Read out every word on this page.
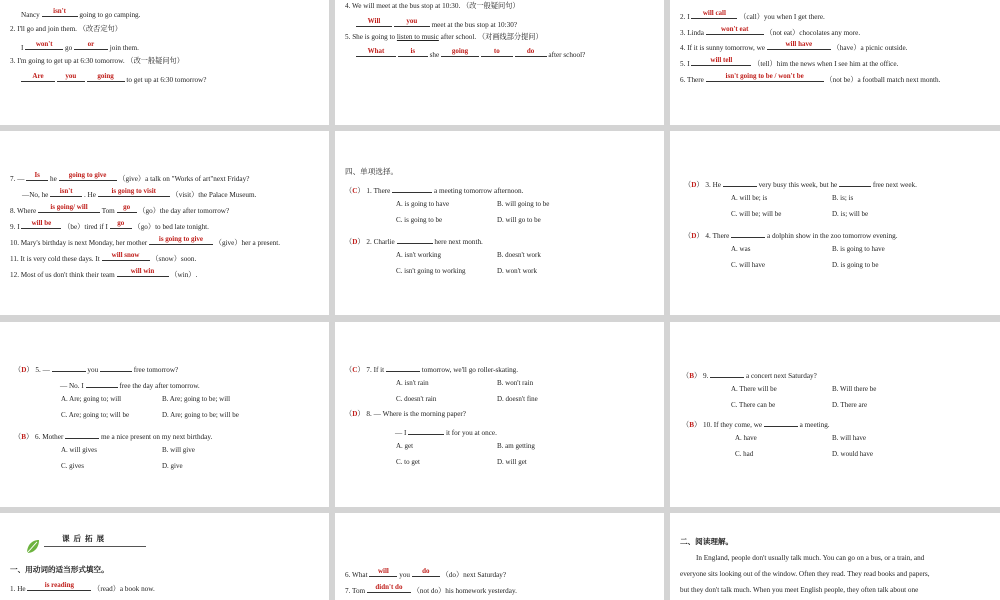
Nancy
isn't
going to go camping.
2. I'll go and join them. （改否定句）
I
won't
go
or
join them.
3. I'm going to get up at 6:30 tomorrow. （改一般疑问句）
Are
	you
	going
to get up at 6:30 tomorrow?
4. We will meet at the bus stop at 10:30. （改一般疑问句）
Will
	you
meet at the bus stop at 10:30?
5. She is going to listen to music after school. （对画线部分提问）
What
	is
she
going
	to
	do
after school?
2. I
will call
（call）you when I get there.
3. Linda
won't eat
（not eat）chocolates any more.
4. If it is sunny tomorrow, we
will have
（have）a picnic outside.
5. I
will tell
（tell）him the news when I see him at the office.
6. There
isn't going to be / won't be
（not be）a football match next month.
7. —
Is
he
going to give
（give）a talk on "Works of art"next Friday?
—No, he
isn't
. He
is going to visit
（visit）the Palace Museum.
8. Where
is going/ will
Tom
go
（go）the day after tomorrow?
9. I
will be
（be）tired if I
go
（go）to bed late tonight.
10. Mary's birthday is next Monday, her mother
is going to give
（give）her a present.
11. It is very cold these days. It
will snow
（snow）soon.
12. Most of us don't think their team
will win
（win）.
四、单项选择。
（C） 1. There	a meeting tomorrow afternoon.
A. is going to have	B. will going to be
C. is going to be	D. will go to be
（D） 2. Charlie	here next month.
A. isn't working	B. doesn't work
C. isn't going to working	D. won't work
（D） 3. He	very busy this week, but he	free next week.
A. will be; is	B. is; is
C. will be; will be	D. is; will be
（D） 4. There	a dolphin show in the zoo tomorrow evening.
A. was	B. is going to have
C. will have	D. is going to be
（D） 5. —	you	free tomorrow?
— No. I	free the day after tomorrow.
A. Are; going to; will	B. Are; going to be; will
C. Are; going to; will be	D. Are; going to be; will be
（B） 6. Mother	me a nice present on my next birthday.
A. will gives	B. will give
C. gives	D. give
（C） 7. If it	tomorrow, we'll go roller-skating.
A. isn't rain	B. won't rain
C. doesn't rain	D. doesn't fine
（D） 8. — Where is the morning paper?
— I	it for you at once.
A. get	B. am getting
C. to get	D. will get
（B） 9.	a concert next Saturday?
A. There will be	B. Will there be
C. There can be	D. There are
（B） 10. If they come, we	a meeting.
A. have	B. will have
C. had	D. would have
课 后 拓 展
一、用动词的适当形式填空。
1. He
is reading
（read）a book now.
6. What
will
you
do
（do）next Saturday?
7. Tom
didn't do
（not do）his homework yesterday.
二、阅读理解。
In England, people don't usually talk much. You can go on a bus, or a train, and
everyone sits looking out of the window. Often they read. They read books and papers,
but they don't talk much. When you meet English people, they often talk about one
